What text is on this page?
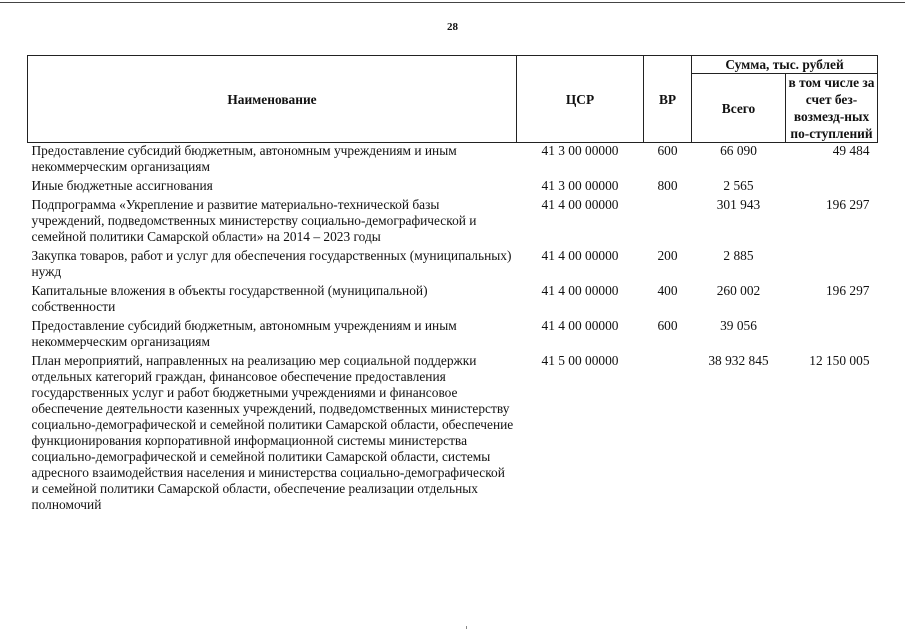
28
Наименование	ЦСР	ВР	Сумма, тыс. рублей	
			Всего	в том числе за счет без-возмезд-ных по-ступлений
Предоставление субсидий бюджетным, автономным учреждениям и иным некоммерческим организациям	41 3 00 00000	600	66 090	49 484
Иные бюджетные ассигнования	41 3 00 00000	800	2 565	
Подпрограмма «Укрепление и развитие материально-технической базы учреждений, подведомственных министерству социально-демографической и семейной политики Самарской области» на 2014 – 2023 годы	41 4 00 00000		301 943	196 297
Закупка товаров, работ и услуг для обеспечения государственных (муниципальных) нужд	41 4 00 00000	200	2 885	
Капитальные вложения в объекты государственной (муниципальной) собственности	41 4 00 00000	400	260 002	196 297
Предоставление субсидий бюджетным, автономным учреждениям и иным некоммерческим организациям	41 4 00 00000	600	39 056	
План мероприятий, направленных на реализацию мер социальной поддержки отдельных категорий граждан, финансовое обеспечение предоставления государственных услуг и работ бюджетными учреждениями и финансовое обеспечение деятельности казенных учреждений, подведомственных министерству социально-демографической и семейной политики Самарской области, обеспечение функционирования корпоративной информационной системы министерства социально-демографической и семейной политики Самарской области, системы адресного взаимодействия населения и министерства социально-демографической и семейной политики Самарской области, обеспечение реализации отдельных полномочий	41 5 00 00000		38 932 845	12 150 005
